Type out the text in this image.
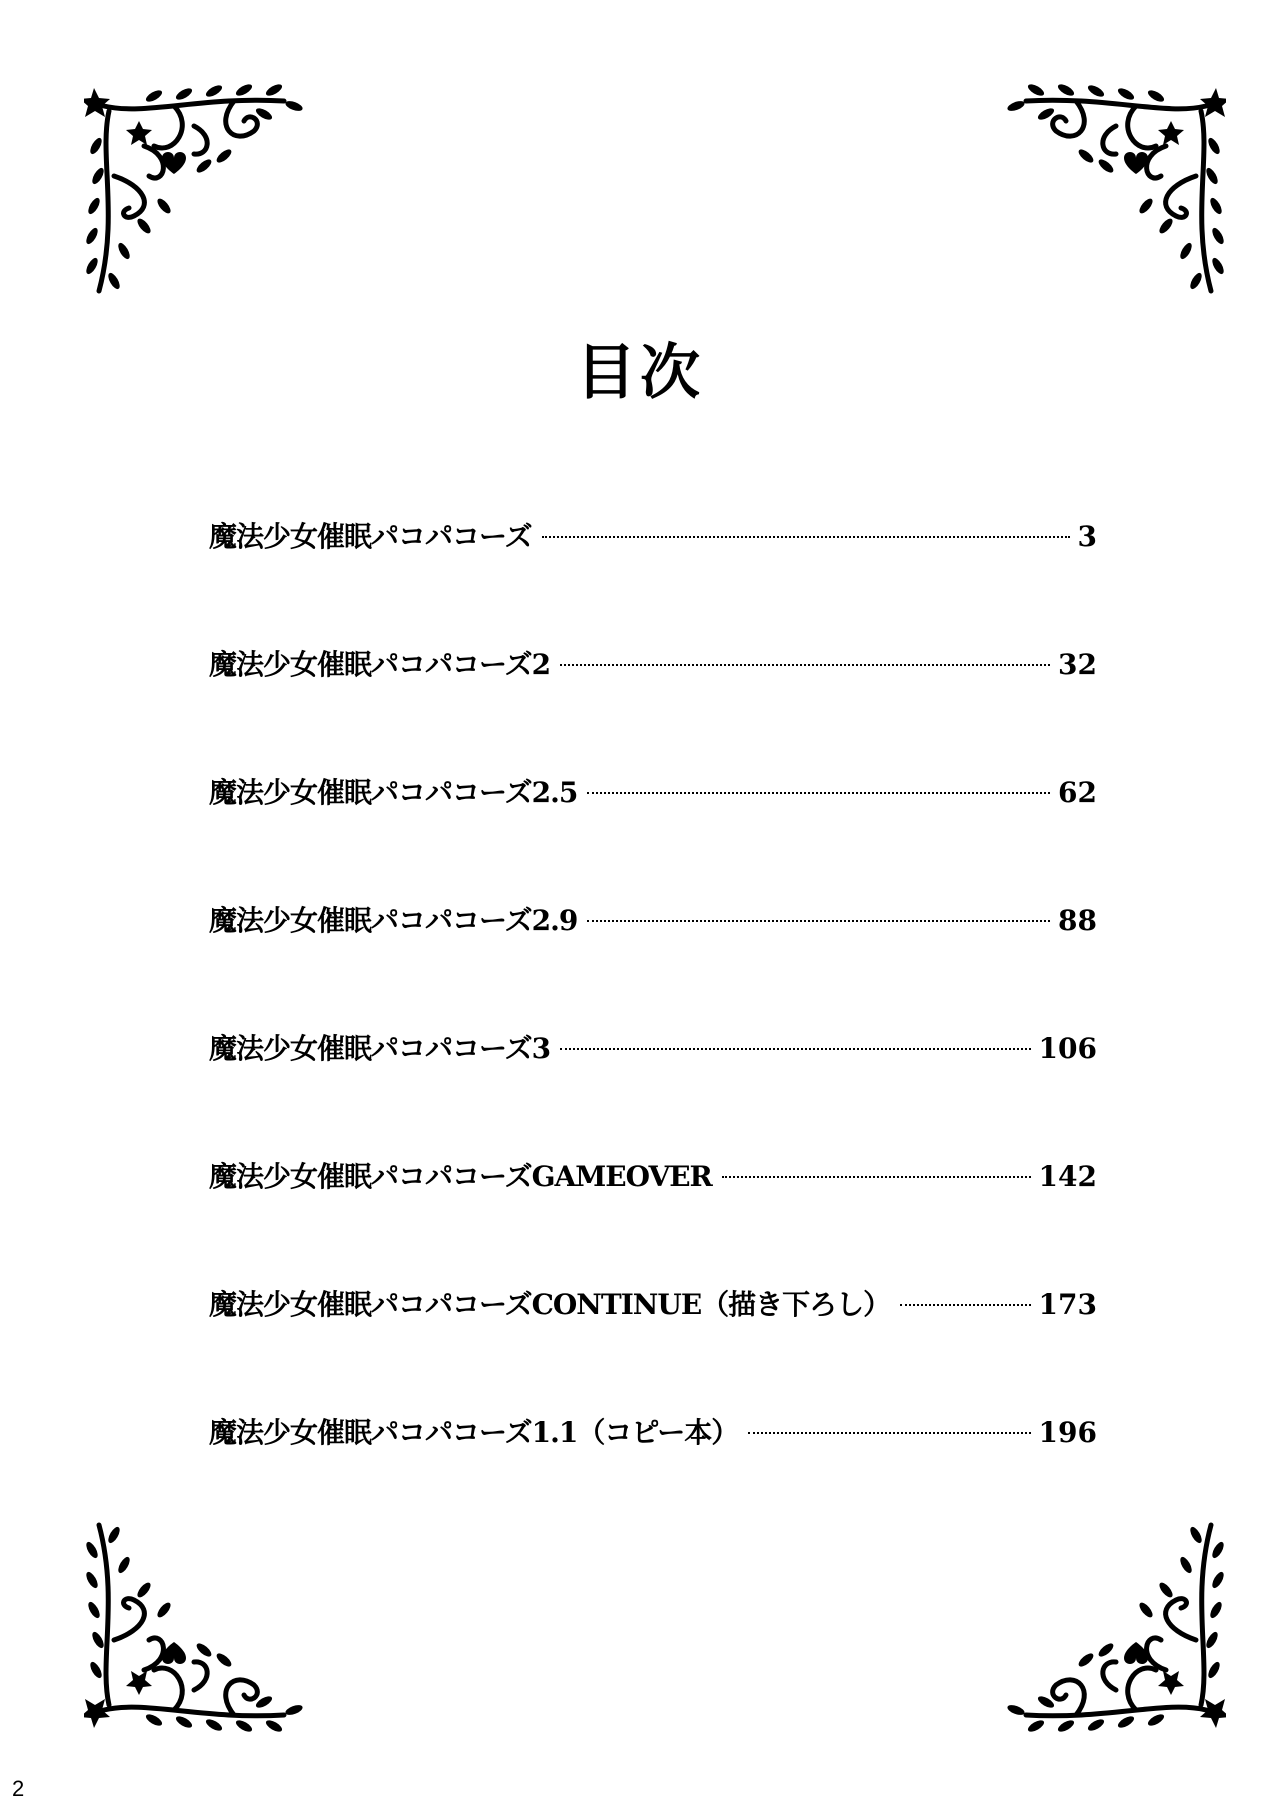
目次
魔法少女催眠パコパコーズ	3
魔法少女催眠パコパコーズ2	32
魔法少女催眠パコパコーズ2.5	62
魔法少女催眠パコパコーズ2.9	88
魔法少女催眠パコパコーズ3	106
魔法少女催眠パコパコーズGAMEOVER	142
魔法少女催眠パコパコーズCONTINUE（描き下ろし）	173
魔法少女催眠パコパコーズ1.1（コピー本）	196
2
